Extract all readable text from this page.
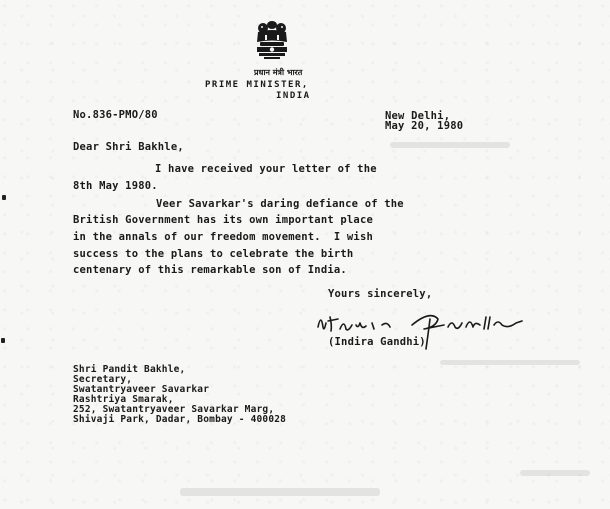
प्रधान मंत्री भारत
PRIME MINISTER,
INDIA
No.836-PMO/80	New Delhi,
May 20, 1980
Dear Shri Bakhle,
I have received your letter of the
8th May 1980.
Veer Savarkar's daring defiance of the
British Government has its own important place
in the annals of our freedom movement.  I wish
success to the plans to celebrate the birth
centenary of this remarkable son of India.
Yours sincerely,
(Indira Gandhi)
Shri Pandit Bakhle,
Secretary,
Swatantryaveer Savarkar
Rashtriya Smarak,
252, Swatantryaveer Savarkar Marg,
Shivaji Park, Dadar, Bombay - 400028
